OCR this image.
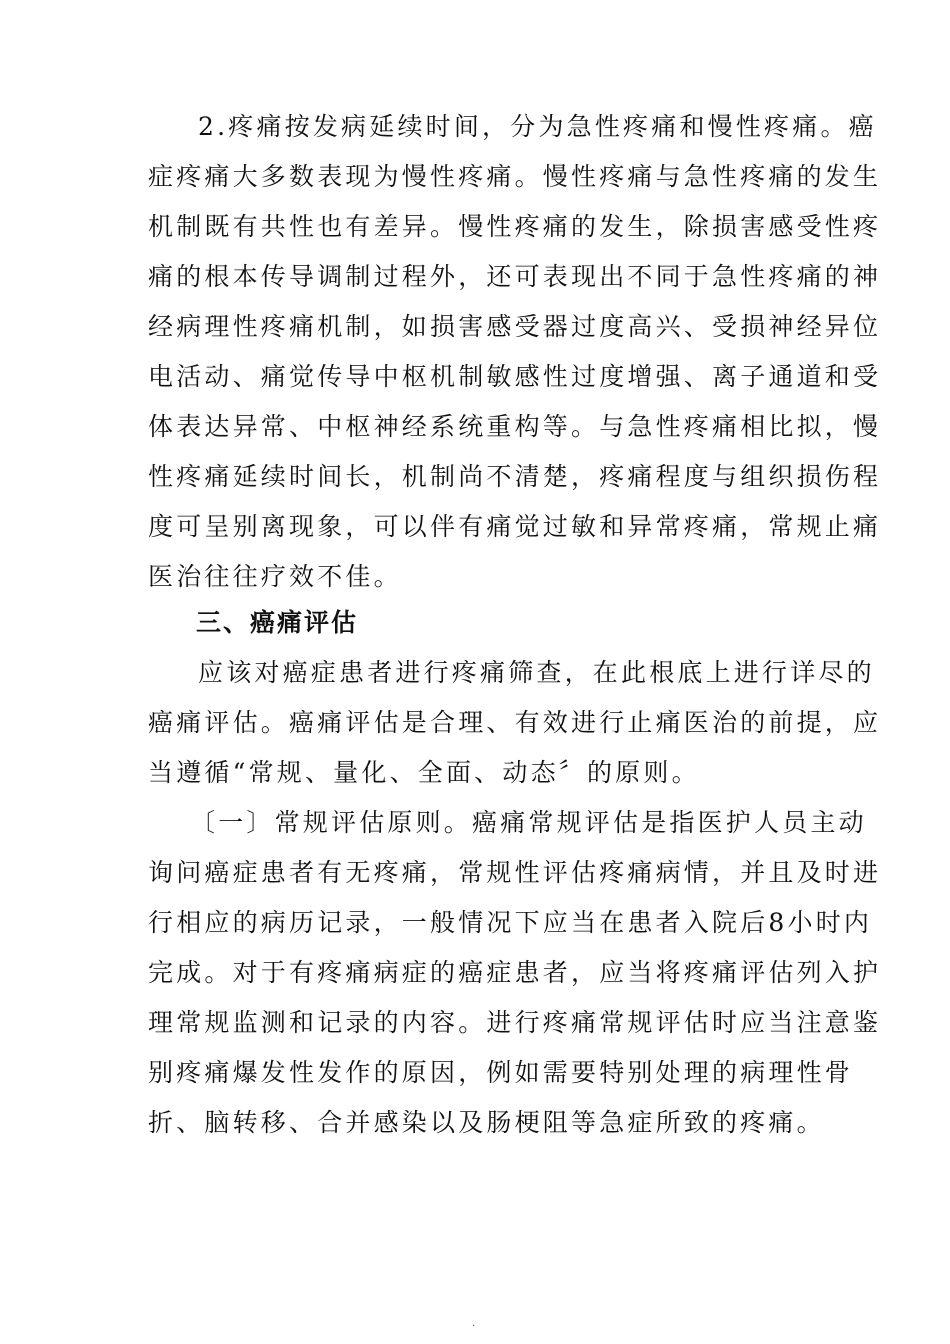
2.疼痛按发病延续时间，分为急性疼痛和慢性疼痛。癌
症疼痛大多数表现为慢性疼痛。慢性疼痛与急性疼痛的发生
机制既有共性也有差异。慢性疼痛的发生，除损害感受性疼
痛的根本传导调制过程外，还可表现出不同于急性疼痛的神
经病理性疼痛机制，如损害感受器过度高兴、受损神经异位
电活动、痛觉传导中枢机制敏感性过度增强、离子通道和受
体表达异常、中枢神经系统重构等。与急性疼痛相比拟，慢
性疼痛延续时间长，机制尚不清楚，疼痛程度与组织损伤程
度可呈别离现象，可以伴有痛觉过敏和异常疼痛，常规止痛
医治往往疗效不佳。
三、癌痛评估
应该对癌症患者进行疼痛筛查，在此根底上进行详尽的
癌痛评估。癌痛评估是合理、有效进行止痛医治的前提，应
当遵循“常规、量化、全面、动态〞的原则。
〔一〕常规评估原则。癌痛常规评估是指医护人员主动
询问癌症患者有无疼痛，常规性评估疼痛病情，并且及时进
行相应的病历记录，一般情况下应当在患者入院后8小时内
完成。对于有疼痛病症的癌症患者，应当将疼痛评估列入护
理常规监测和记录的内容。进行疼痛常规评估时应当注意鉴
别疼痛爆发性发作的原因，例如需要特别处理的病理性骨
折、脑转移、合并感染以及肠梗阻等急症所致的疼痛。
.
